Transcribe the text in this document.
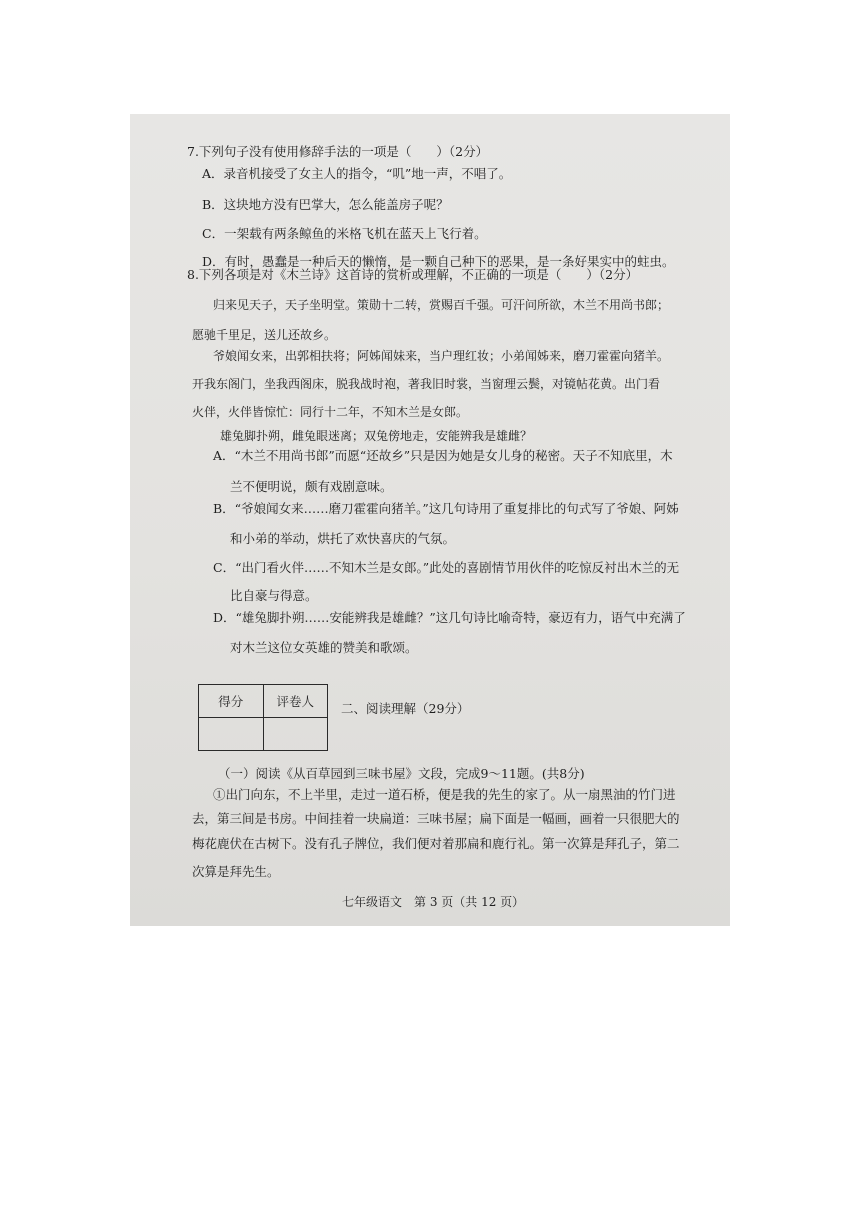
7.下列句子没有使用修辞手法的一项是（　　）（2分）
A．录音机接受了女主人的指令，“叽”地一声，不唱了。
B．这块地方没有巴掌大，怎么能盖房子呢？
C．一架载有两条鲸鱼的米格飞机在蓝天上飞行着。
D．有时，愚蠢是一种后天的懒惰，是一颗自己种下的恶果，是一条好果实中的蛀虫。
8.下列各项是对《木兰诗》这首诗的赏析或理解，不正确的一项是（　　）（2分）
归来见天子，天子坐明堂。策勋十二转，赏赐百千强。可汗问所欲，木兰不用尚书郎；
愿驰千里足，送儿还故乡。
爷娘闻女来，出郭相扶将；阿姊闻妹来，当户理红妆；小弟闻姊来，磨刀霍霍向猪羊。
开我东阁门，坐我西阁床，脱我战时袍，著我旧时裳，当窗理云鬓，对镜帖花黄。出门看
火伴，火伴皆惊忙：同行十二年，不知木兰是女郎。
雄兔脚扑朔，雌兔眼迷离；双兔傍地走，安能辨我是雄雌？
A．“木兰不用尚书郎”而愿“还故乡”只是因为她是女儿身的秘密。天子不知底里，木
兰不便明说，颇有戏剧意味。
B．“爷娘闻女来……磨刀霍霍向猪羊。”这几句诗用了重复排比的句式写了爷娘、阿姊
和小弟的举动，烘托了欢快喜庆的气氛。
C．“出门看火伴……不知木兰是女郎。”此处的喜剧情节用伙伴的吃惊反衬出木兰的无
比自豪与得意。
D．“雄兔脚扑朔……安能辨我是雄雌？”这几句诗比喻奇特，豪迈有力，语气中充满了
对木兰这位女英雄的赞美和歌颂。
得分	评卷人
	二、阅读理解（29分）
（一）阅读《从百草园到三味书屋》文段，完成9～11题。(共8分)
①出门向东，不上半里，走过一道石桥，便是我的先生的家了。从一扇黑油的竹门进
去，第三间是书房。中间挂着一块扁道：三味书屋；扁下面是一幅画，画着一只很肥大的
梅花鹿伏在古树下。没有孔子牌位，我们便对着那扁和鹿行礼。第一次算是拜孔子，第二
次算是拜先生。
七年级语文　第 3 页（共 12 页）
